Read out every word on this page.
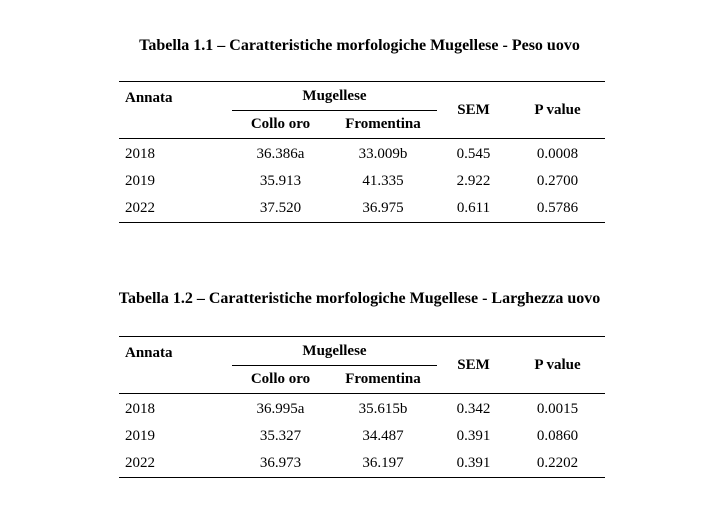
Tabella 1.1 – Caratteristiche morfologiche Mugellese - Peso uovo
Annata	Mugellese		SEM	P value
	Collo oro	Fromentina		
2018	36.386a	33.009b	0.545	0.0008
2019	35.913	41.335	2.922	0.2700
2022	37.520	36.975	0.611	0.5786
Tabella 1.2 – Caratteristiche morfologiche Mugellese - Larghezza uovo
Annata	Mugellese		SEM	P value
	Collo oro	Fromentina		
2018	36.995a	35.615b	0.342	0.0015
2019	35.327	34.487	0.391	0.0860
2022	36.973	36.197	0.391	0.2202
